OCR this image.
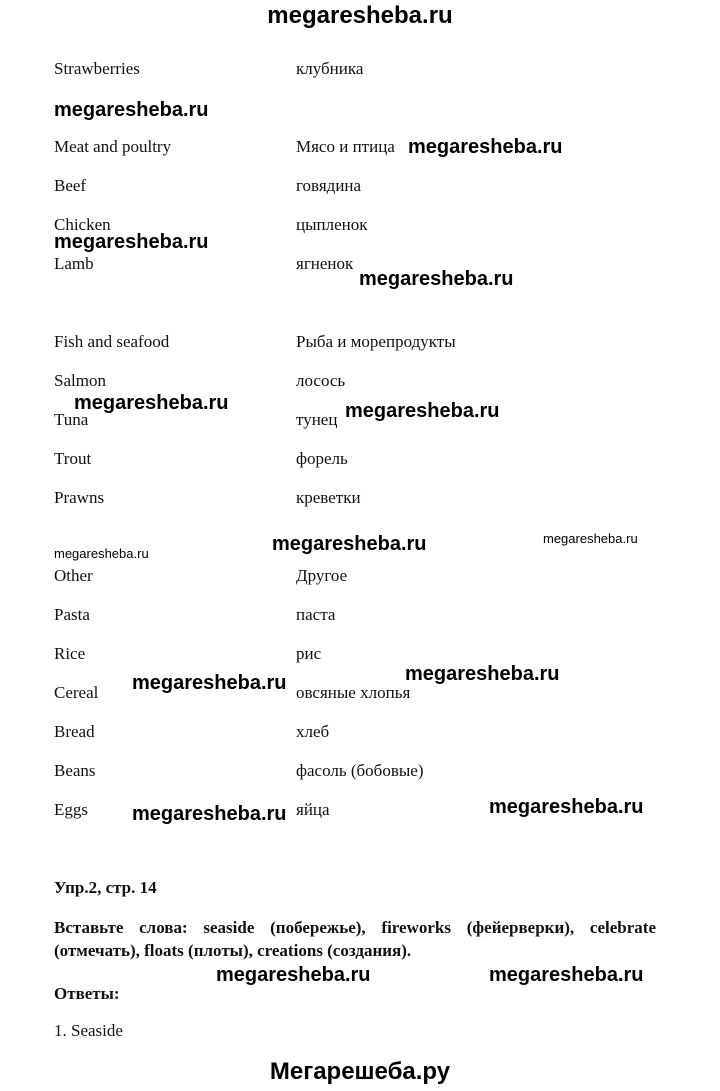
megaresheba.ru
Strawberries	клубника
Meat and poultry	Мясо и птица
Beef	говядина
Chicken	цыпленок
Lamb	ягненок
Fish and seafood	Рыба и морепродукты
Salmon	лосось
Tuna	тунец
Trout	форель
Prawns	креветки
Other	Другое
Pasta	паста
Rice	рис
Cereal	овсяные хлопья
Bread	хлеб
Beans	фасоль (бобовые)
Eggs	яйца
Упр.2, стр. 14
Вставьте слова: seaside (побережье), fireworks (фейерверки), celebrate (отмечать), floats (плоты), creations (создания).
Ответы:
1. Seaside
megaresheba.ru
megaresheba.ru
megaresheba.ru
megaresheba.ru
megaresheba.ru	megaresheba.ru
megaresheba.ru	megaresheba.ru
megaresheba.ru
megaresheba.ru
megaresheba.ru
megaresheba.ru
megaresheba.ru
megaresheba.ru	megaresheba.ru
Мегарешеба.ру
